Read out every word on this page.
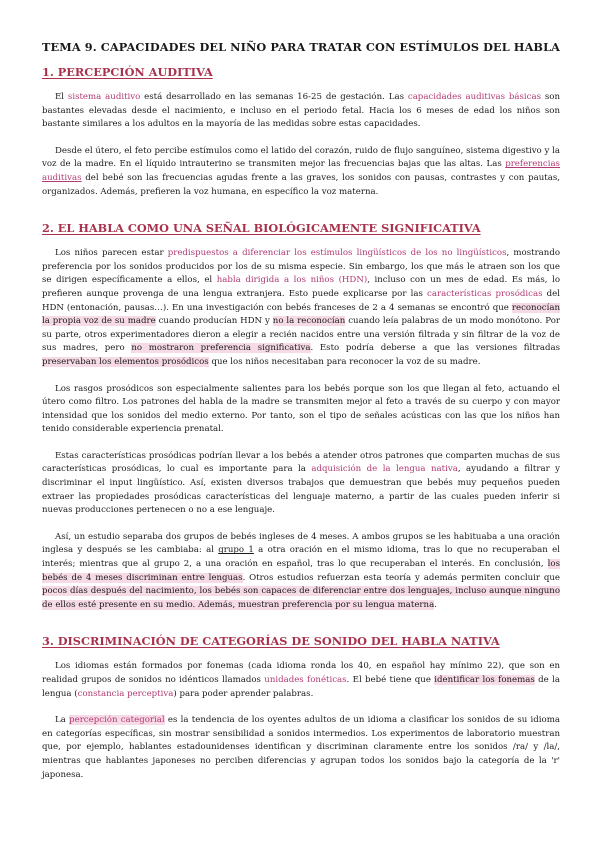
TEMA 9. CAPACIDADES DEL NIÑO PARA TRATAR CON ESTÍMULOS DEL HABLA
1. PERCEPCIÓN AUDITIVA

El sistema auditivo está desarrollado en las semanas 16-25 de gestación. Las capacidades auditivas básicas son bastantes elevadas desde el nacimiento, e incluso en el periodo fetal. Hacia los 6 meses de edad los niños son bastante similares a los adultos en la mayoría de las medidas sobre estas capacidades.

Desde el útero, el feto percibe estímulos como el latido del corazón, ruido de flujo sanguíneo, sistema digestivo y la voz de la madre. En el líquido intrauterino se transmiten mejor las frecuencias bajas que las altas. Las preferencias auditivas del bebé son las frecuencias agudas frente a las graves, los sonidos con pausas, contrastes y con pautas, organizados. Además, prefieren la voz humana, en específico la voz materna.

2. EL HABLA COMO UNA SEÑAL BIOLÓGICAMENTE SIGNIFICATIVA

Los niños parecen estar predispuestos a diferenciar los estímulos lingüísticos de los no lingüísticos, mostrando preferencia por los sonidos producidos por los de su misma especie. Sin embargo, los que más le atraen son los que se dirigen específicamente a ellos, el habla dirigida a los niños (HDN), incluso con un mes de edad. Es más, lo prefieren aunque provenga de una lengua extranjera. Esto puede explicarse por las características prosódicas del HDN (entonación, pausas…). En una investigación con bebés franceses de 2 a 4 semanas se encontró que reconocían la propia voz de su madre cuando producían HDN y no la reconocían cuando leía palabras de un modo monótono. Por su parte, otros experimentadores dieron a elegir a recién nacidos entre una versión filtrada y sin filtrar de la voz de sus madres, pero no mostraron preferencia significativa. Esto podría deberse a que las versiones filtradas preservaban los elementos prosódicos que los niños necesitaban para reconocer la voz de su madre.

Los rasgos prosódicos son especialmente salientes para los bebés porque son los que llegan al feto, actuando el útero como filtro. Los patrones del habla de la madre se transmiten mejor al feto a través de su cuerpo y con mayor intensidad que los sonidos del medio externo. Por tanto, son el tipo de señales acústicas con las que los niños han tenido considerable experiencia prenatal.

Estas características prosódicas podrían llevar a los bebés a atender otros patrones que comparten muchas de sus características prosódicas, lo cual es importante para la adquisición de la lengua nativa, ayudando a filtrar y discriminar el input lingüístico. Así, existen diversos trabajos que demuestran que bebés muy pequeños pueden extraer las propiedades prosódicas características del lenguaje materno, a partir de las cuales pueden inferir si nuevas producciones pertenecen o no a ese lenguaje.

Así, un estudio separaba dos grupos de bebés ingleses de 4 meses. A ambos grupos se les habituaba a una oración inglesa y después se les cambiaba: al grupo 1 a otra oración en el mismo idioma, tras lo que no recuperaban el interés; mientras que al grupo 2, a una oración en español, tras lo que recuperaban el interés. En conclusión, los bebés de 4 meses discriminan entre lenguas. Otros estudios refuerzan esta teoría y además permiten concluir que pocos días después del nacimiento, los bebés son capaces de diferenciar entre dos lenguajes, incluso aunque ninguno de ellos esté presente en su medio. Además, muestran preferencia por su lengua materna.

3. DISCRIMINACIÓN DE CATEGORÍAS DE SONIDO DEL HABLA NATIVA

Los idiomas están formados por fonemas (cada idioma ronda los 40, en español hay mínimo 22), que son en realidad grupos de sonidos no idénticos llamados unidades fonéticas. El bebé tiene que identificar los fonemas de la lengua (constancia perceptiva) para poder aprender palabras.

La percepción categorial es la tendencia de los oyentes adultos de un idioma a clasificar los sonidos de su idioma en categorías específicas, sin mostrar sensibilidad a sonidos intermedios. Los experimentos de laboratorio muestran que, por ejemplo, hablantes estadounidenses identifican y discriminan claramente entre los sonidos /ra/ y /la/, mientras que hablantes japoneses no perciben diferencias y agrupan todos los sonidos bajo la categoría de la 'r' japonesa.
